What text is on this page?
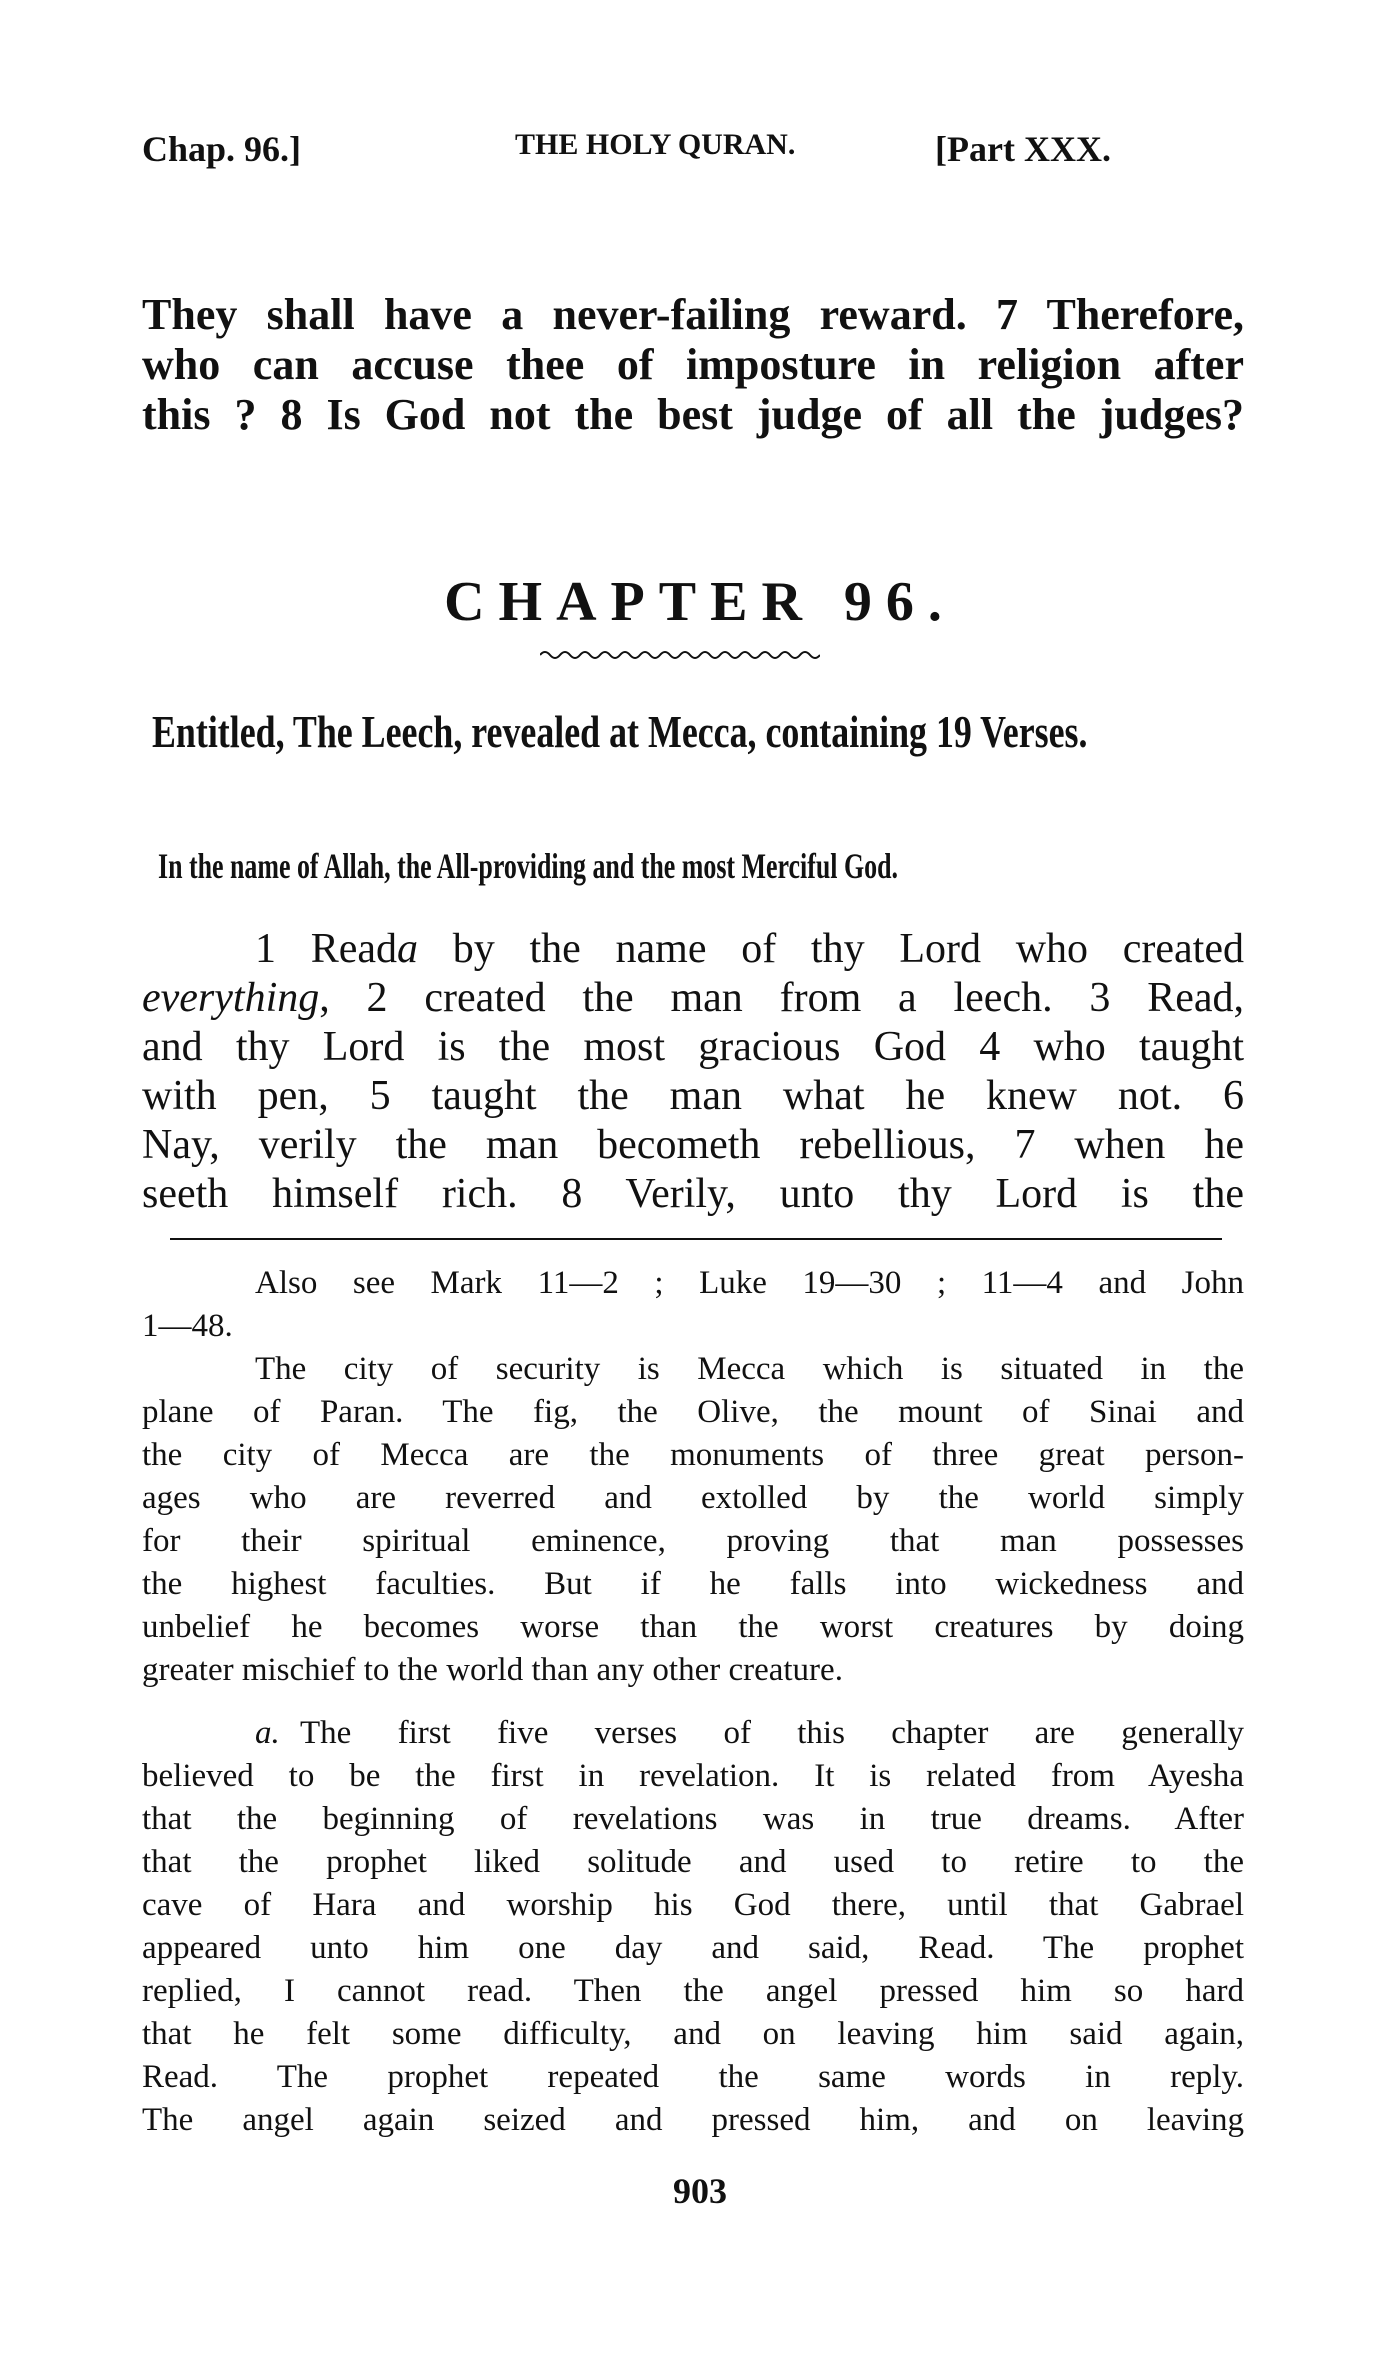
Chap. 96.]	THE HOLY QURAN.	[Part XXX.
They shall have a never-failing reward. 7 Therefore,
who can accuse thee of imposture in religion after
this ? 8 Is God not the best judge of all the judges?
CHAPTER 96.
Entitled, The Leech, revealed at Mecca, containing 19 Verses.
In the name of Allah, the All-providing and the most Merciful God.
1 Reada by the name of thy Lord who created
everything, 2 created the man from a leech. 3 Read,
and thy Lord is the most gracious God 4 who taught
with pen, 5 taught the man what he knew not. 6
Nay, verily the man becometh rebellious, 7 when he
seeth himself rich. 8 Verily, unto thy Lord is the
Also see Mark 11—2 ; Luke 19—30 ; 11—4 and John
1—48.
The city of security is Mecca which is situated in the
plane of Paran. The fig, the Olive, the mount of Sinai and
the city of Mecca are the monuments of three great person-
ages who are reverred and extolled by the world simply
for their spiritual eminence, proving that man possesses
the highest faculties. But if he falls into wickedness and
unbelief he becomes worse than the worst creatures by doing
greater mischief to the world than any other creature.
a. The first five verses of this chapter are generally
believed to be the first in revelation. It is related from Ayesha
that the beginning of revelations was in true dreams. After
that the prophet liked solitude and used to retire to the
cave of Hara and worship his God there, until that Gabrael
appeared unto him one day and said, Read. The prophet
replied, I cannot read. Then the angel pressed him so hard
that he felt some difficulty, and on leaving him said again,
Read. The prophet repeated the same words in reply.
The angel again seized and pressed him, and on leaving
903
